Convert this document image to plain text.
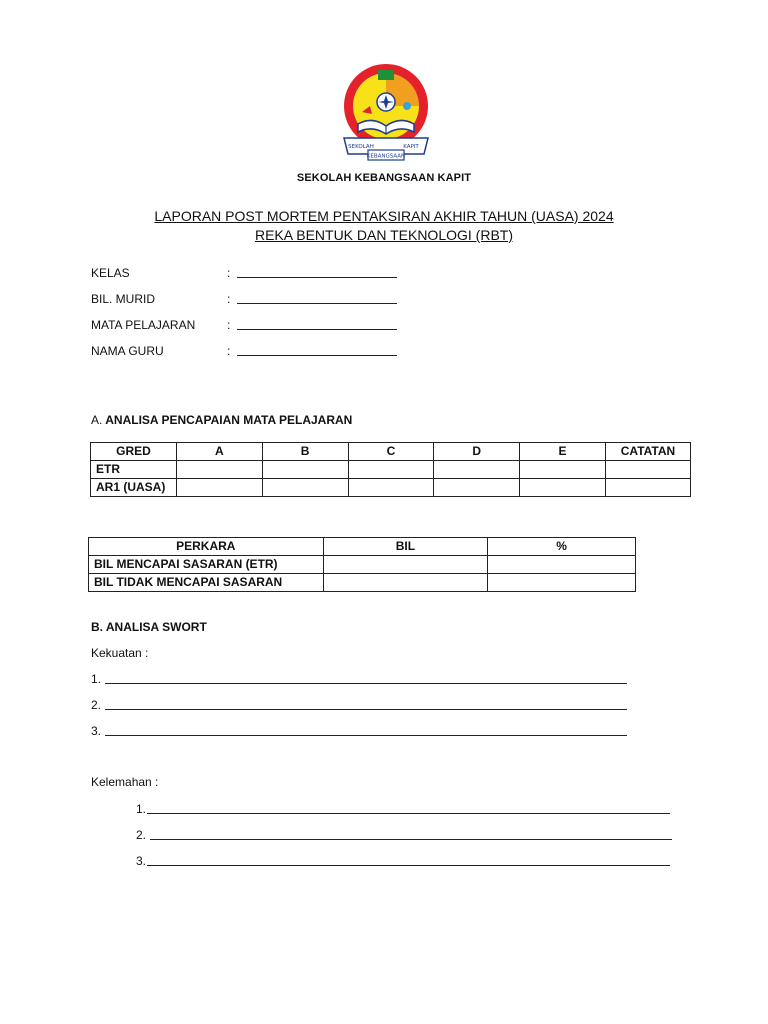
SEKOLAH	KAPIT
KEBANGSAAN
SEKOLAH KEBANGSAAN KAPIT
LAPORAN POST MORTEM PENTAKSIRAN AKHIR TAHUN (UASA) 2024
REKA BENTUK DAN TEKNOLOGI (RBT)
KELAS	:
BIL. MURID	:
MATA PELAJARAN	:
NAMA GURU	:
A. ANALISA PENCAPAIAN MATA PELAJARAN
GRED	A	B	C	D	E	CATATAN
ETR						
AR1 (UASA)						
PERKARA	BIL	%
BIL MENCAPAI SASARAN (ETR)		
BIL TIDAK MENCAPAI SASARAN		
B. ANALISA SWORT
Kekuatan :
1.
2.
3.
Kelemahan :
1.
2.
3.
